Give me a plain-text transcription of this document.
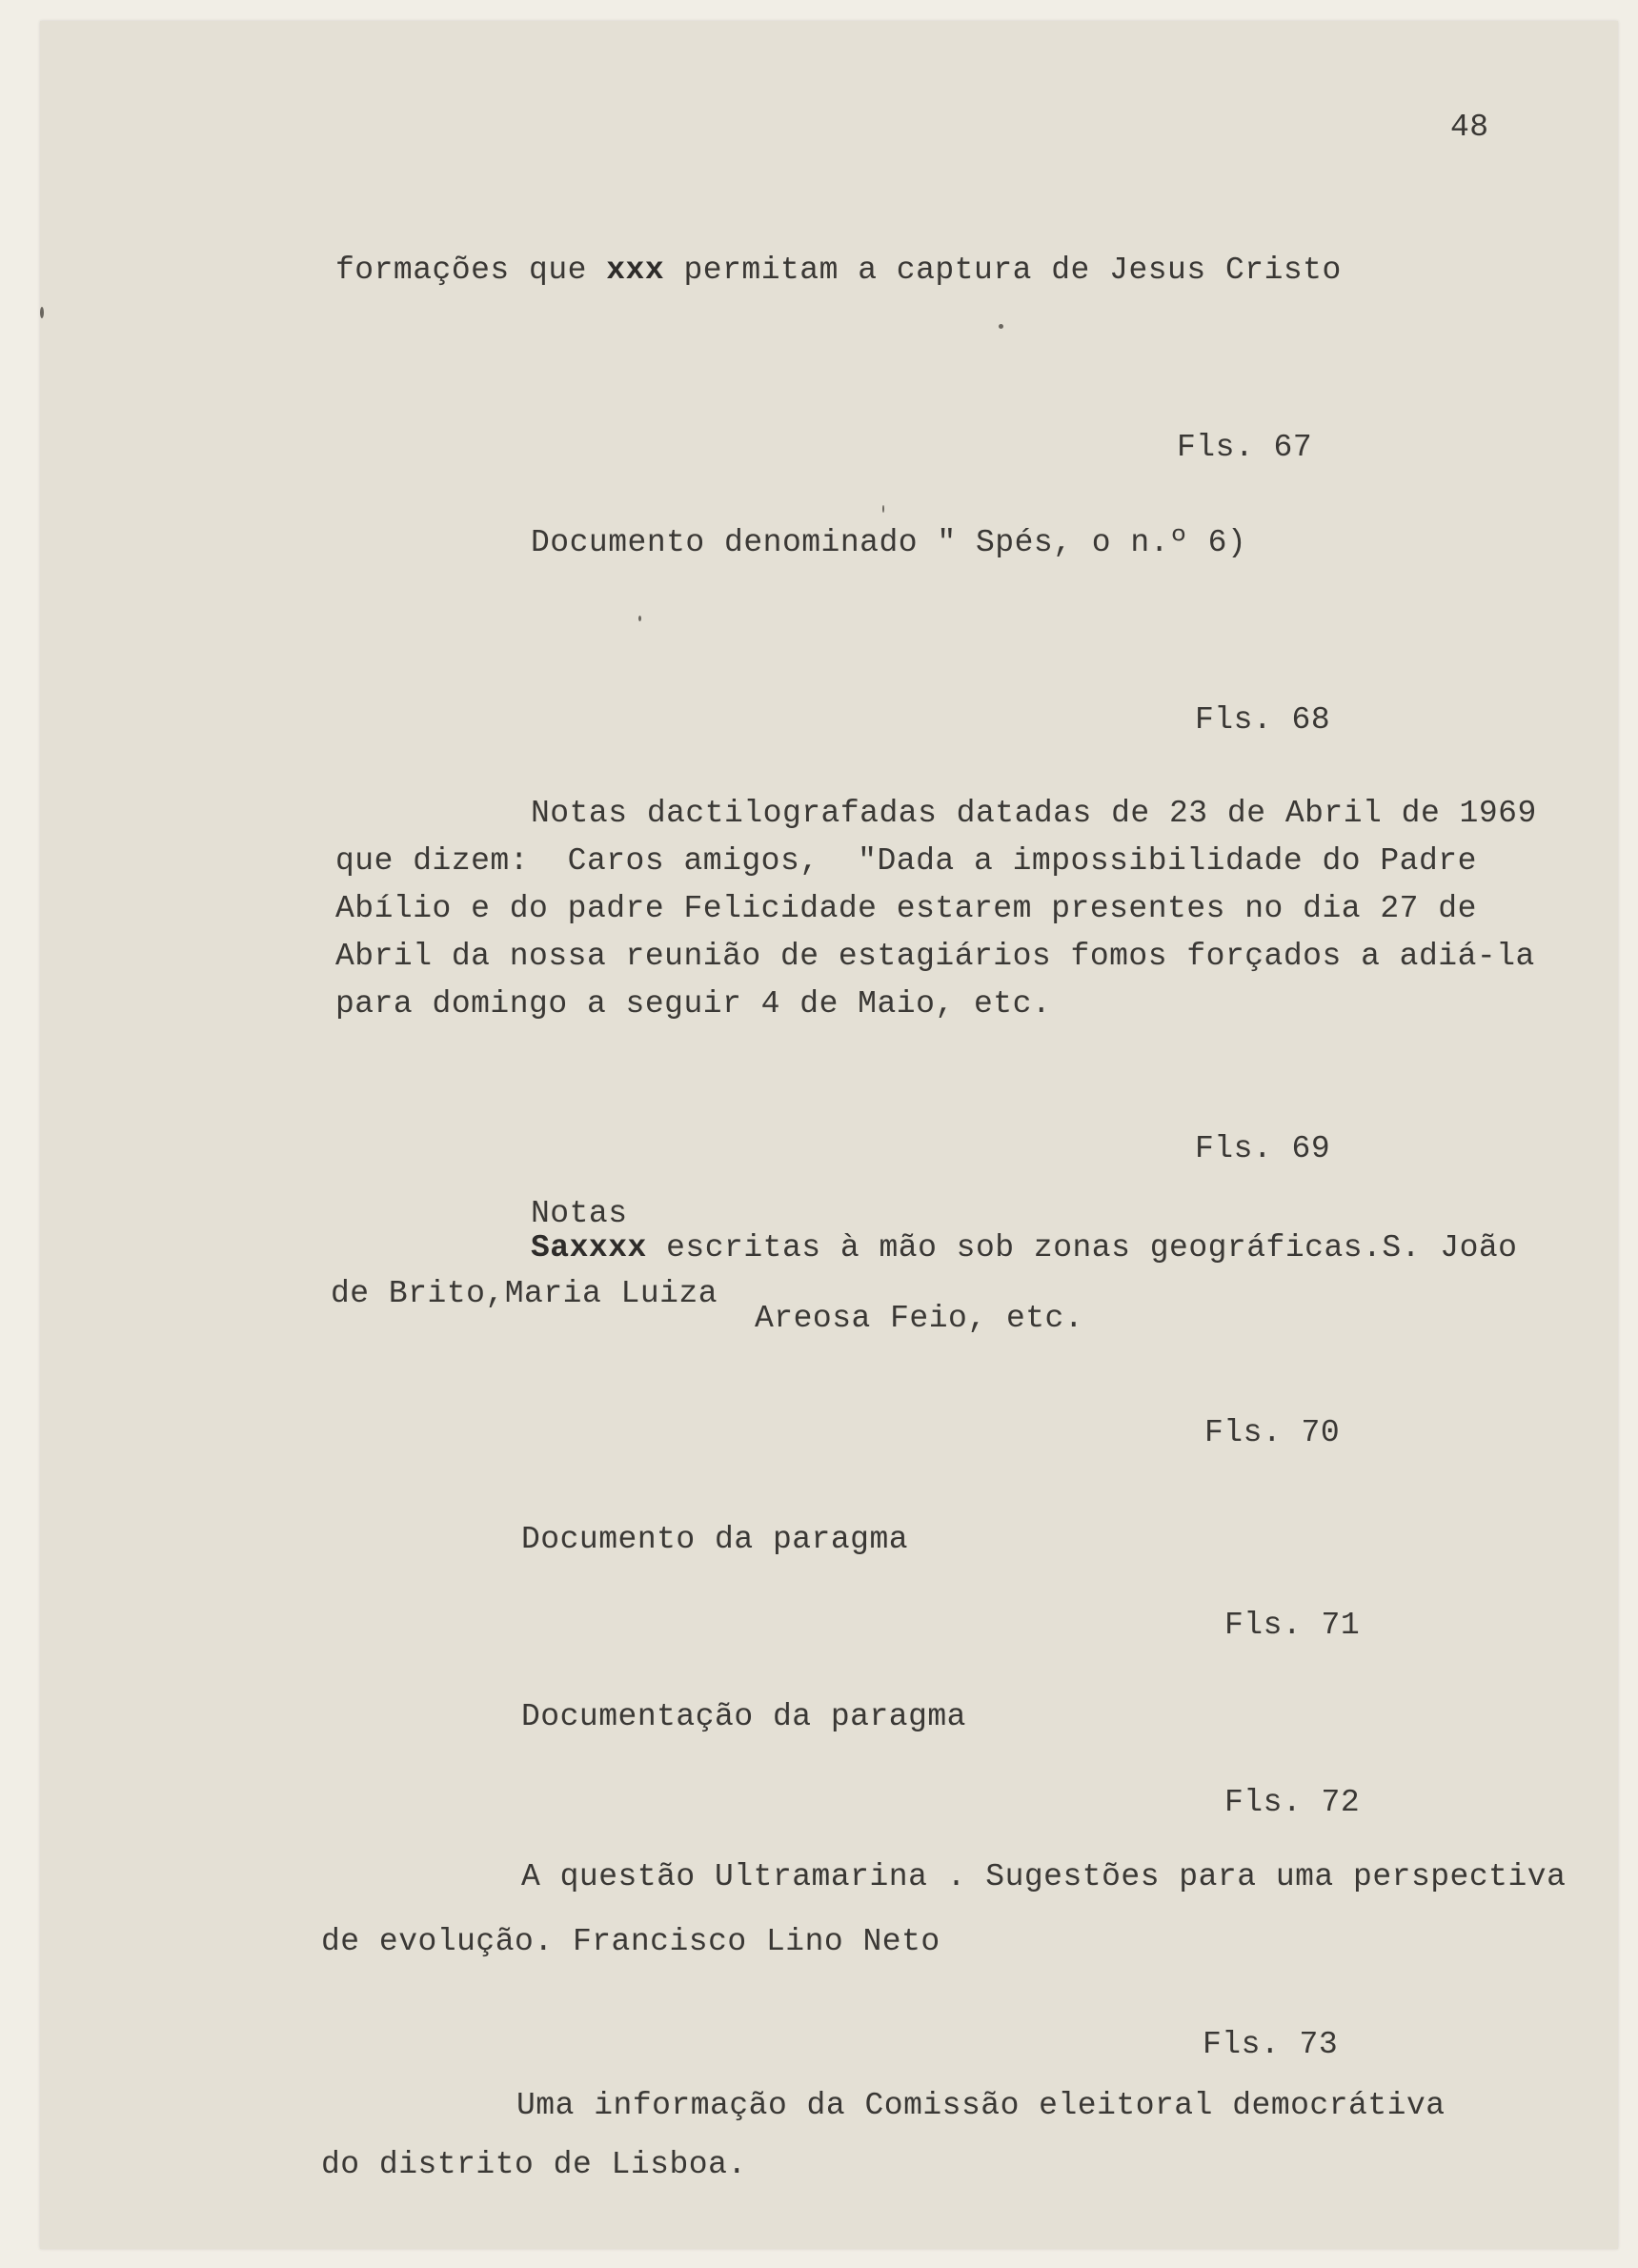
48
formações que xxx permitam a captura de Jesus Cristo
Fls. 67
Documento denominado " Spés, o n.º 6)
Fls. 68
Notas dactilografadas datadas de 23 de Abril de 1969
que dizem:  Caros amigos,  "Dada a impossibilidade do Padre
Abílio e do padre Felicidade estarem presentes no dia 27 de
Abril da nossa reunião de estagiários fomos forçados a adiá-la
para domingo a seguir 4 de Maio, etc.
Fls. 69
Notas
Saxxxx escritas à mão sob zonas geográficas.S. João
de Brito,Maria Luiza
Areosa Feio, etc.
Fls. 70
Documento da paragma
Fls. 71
Documentação da paragma
Fls. 72
A questão Ultramarina . Sugestões para uma perspectiva
de evolução. Francisco Lino Neto
Fls. 73
Uma informação da Comissão eleitoral democrátiva
do distrito de Lisboa.
